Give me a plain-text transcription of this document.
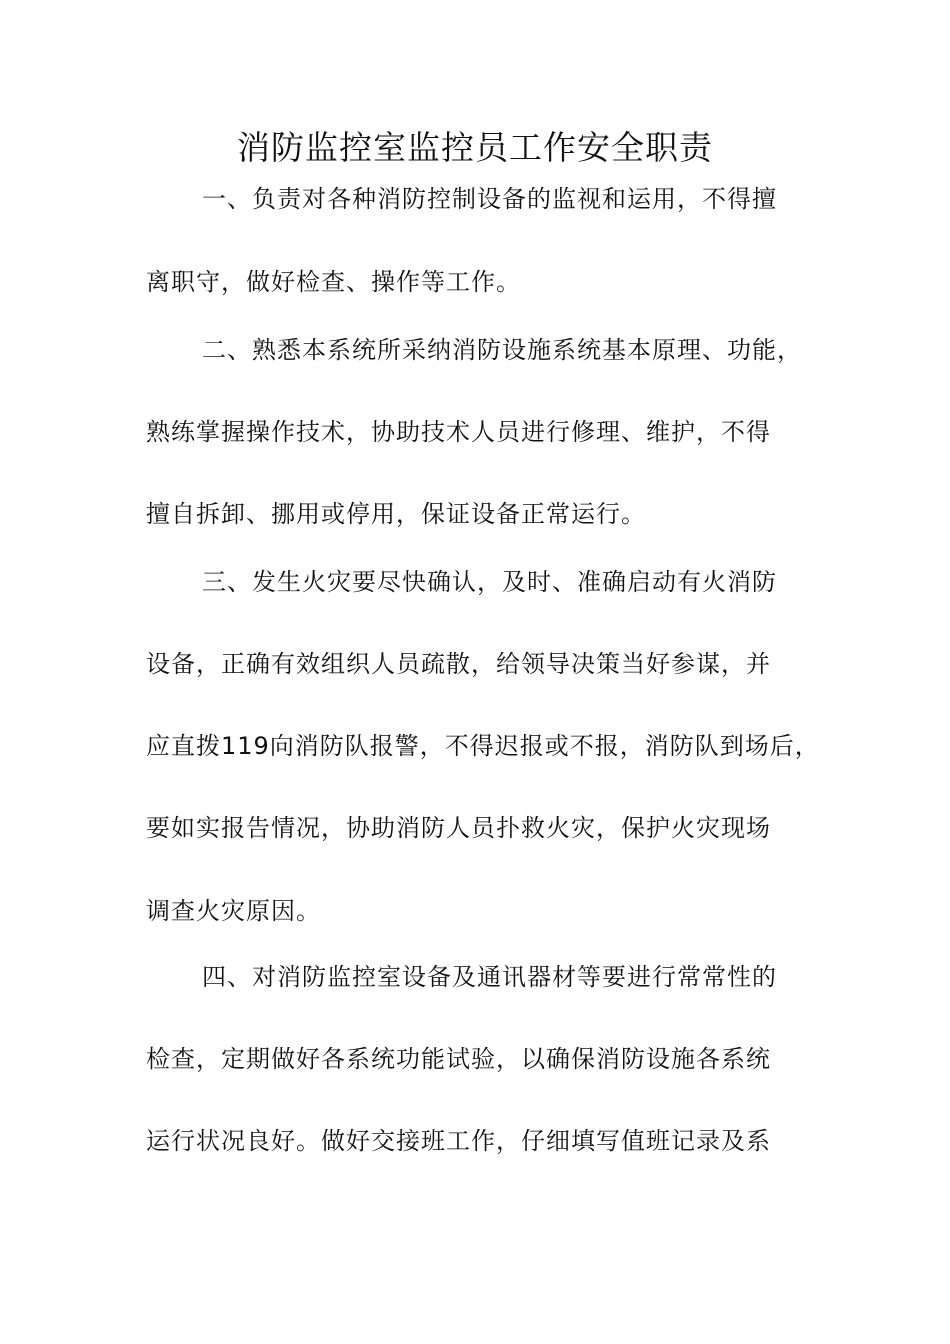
消防监控室监控员工作安全职责
一、负责对各种消防控制设备的监视和运用，不得擅
离职守，做好检查、操作等工作。
二、熟悉本系统所采纳消防设施系统基本原理、功能，
熟练掌握操作技术，协助技术人员进行修理、维护，不得
擅自拆卸、挪用或停用，保证设备正常运行。
三、发生火灾要尽快确认，及时、准确启动有火消防
设备，正确有效组织人员疏散，给领导决策当好参谋，并
应直拨119向消防队报警，不得迟报或不报，消防队到场后，
要如实报告情况，协助消防人员扑救火灾，保护火灾现场
调查火灾原因。
四、对消防监控室设备及通讯器材等要进行常常性的
检查，定期做好各系统功能试验，以确保消防设施各系统
运行状况良好。做好交接班工作，仔细填写值班记录及系
